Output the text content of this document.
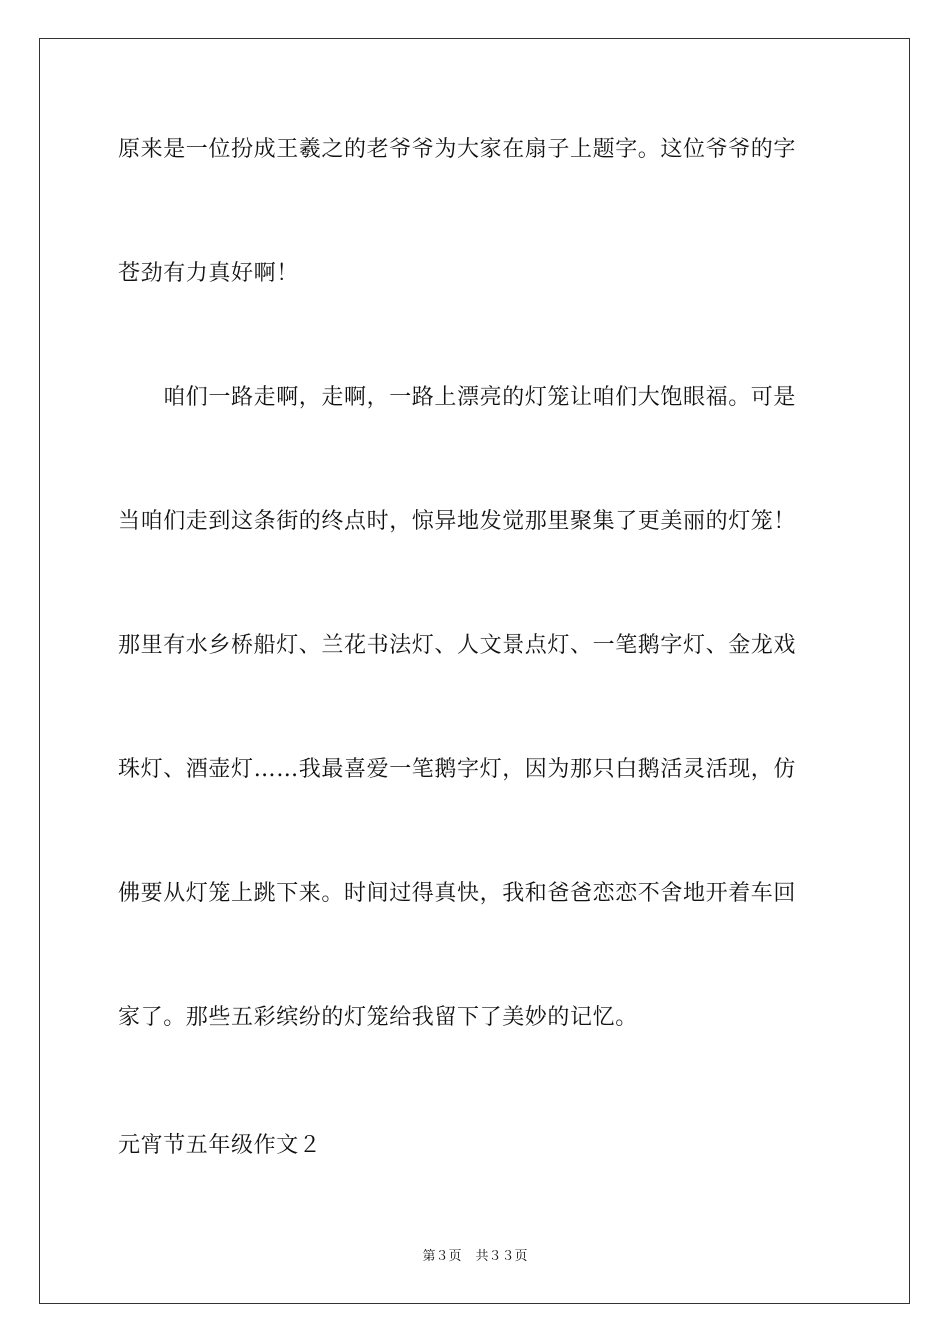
原来是一位扮成王羲之的老爷爷为大家在扇子上题字。这位爷爷的字
苍劲有力真好啊！
　　咱们一路走啊，走啊，一路上漂亮的灯笼让咱们大饱眼福。可是
当咱们走到这条街的终点时，惊异地发觉那里聚集了更美丽的灯笼！
那里有水乡桥船灯、兰花书法灯、人文景点灯、一笔鹅字灯、金龙戏
珠灯、酒壶灯……我最喜爱一笔鹅字灯，因为那只白鹅活灵活现，仿
佛要从灯笼上跳下来。时间过得真快，我和爸爸恋恋不舍地开着车回
家了。那些五彩缤纷的灯笼给我留下了美妙的记忆。
元宵节五年级作文２
第３页 共３３页
